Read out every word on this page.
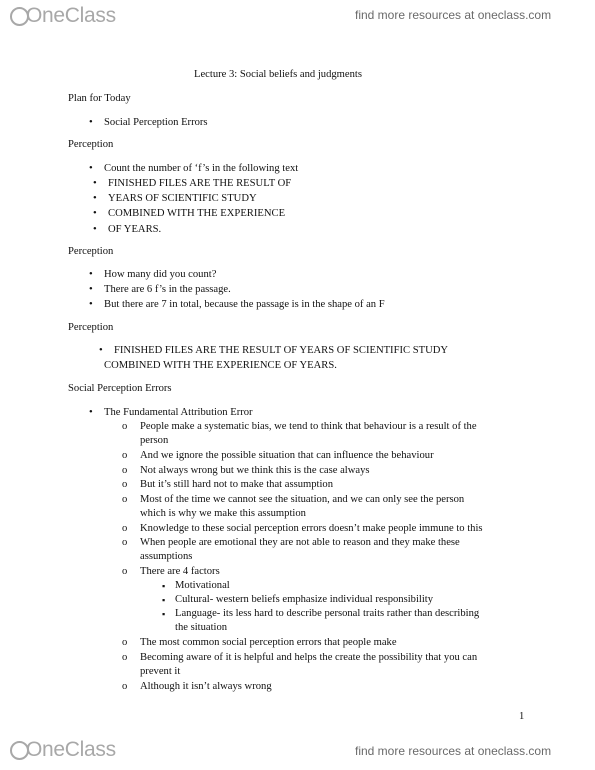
OneClass	find more resources at oneclass.com
Lecture 3: Social beliefs and judgments
Plan for Today
• Social Perception Errors
Perception
• Count the number of ‘f’s in the following text
• FINISHED FILES ARE THE RESULT OF
• YEARS OF SCIENTIFIC STUDY
• COMBINED WITH THE EXPERIENCE
• OF YEARS.
Perception
• How many did you count?
• There are 6 f’s in the passage.
• But there are 7 in total, because the passage is in the shape of an F
Perception
• FINISHED FILES ARE THE RESULT OF YEARS OF SCIENTIFIC STUDY
COMBINED WITH THE EXPERIENCE OF YEARS.
Social Perception Errors
• The Fundamental Attribution Error
o People make a systematic bias, we tend to think that behaviour is a result of the
person
o And we ignore the possible situation that can influence the behaviour
o Not always wrong but we think this is the case always
o But it’s still hard not to make that assumption
o Most of the time we cannot see the situation, and we can only see the person
which is why we make this assumption
o Knowledge to these social perception errors doesn’t make people immune to this
o When people are emotional they are not able to reason and they make these
assumptions
o There are 4 factors
▪ Motivational
▪ Cultural- western beliefs emphasize individual responsibility
▪ Language- its less hard to describe personal traits rather than describing
the situation
o The most common social perception errors that people make
o Becoming aware of it is helpful and helps the create the possibility that you can
prevent it
o Although it isn’t always wrong
1
OneClass	find more resources at oneclass.com
